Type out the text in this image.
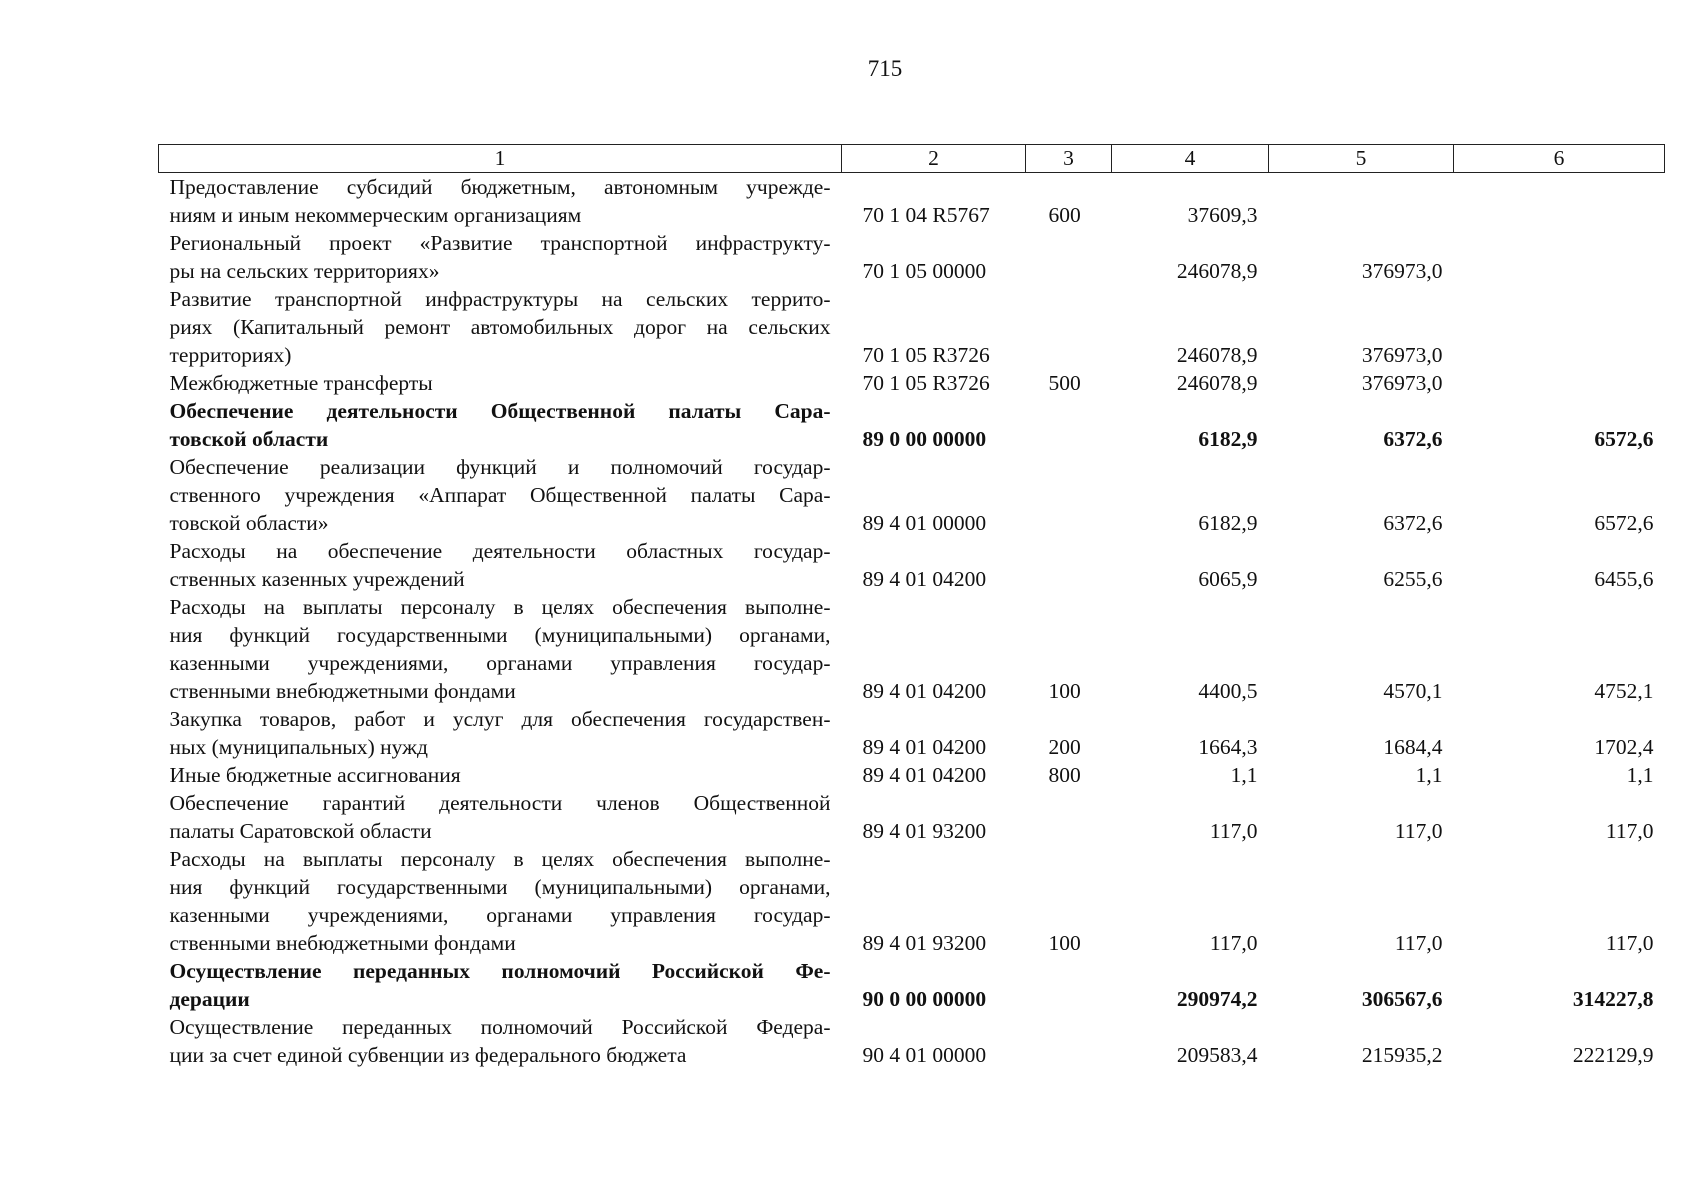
715
1	2	3	4	5	6

Предоставление субсидий бюджетным, автономным учрежде-
ниям и иным некоммерческим организациям	70 1 04 R5767	600	37609,3		

Региональный проект «Развитие транспортной инфраструкту-
ры на сельских территориях»	70 1 05 00000		246078,9	376973,0	

Развитие транспортной инфраструктуры на сельских террито-
риях (Капитальный ремонт автомобильных дорог на сельских
территориях)	70 1 05 R3726		246078,9	376973,0	

Межбюджетные трансферты	70 1 05 R3726	500	246078,9	376973,0	

Обеспечение деятельности Общественной палаты Сара-
товской области	89 0 00 00000		6182,9	6372,6	6572,6

Обеспечение реализации функций и полномочий государ-
ственного учреждения «Аппарат Общественной палаты Сара-
товской области»	89 4 01 00000		6182,9	6372,6	6572,6

Расходы на обеспечение деятельности областных государ-
ственных казенных учреждений	89 4 01 04200		6065,9	6255,6	6455,6

Расходы на выплаты персоналу в целях обеспечения выполне-
ния функций государственными (муниципальными) органами,
казенными учреждениями, органами управления государ-
ственными внебюджетными фондами	89 4 01 04200	100	4400,5	4570,1	4752,1

Закупка товаров, работ и услуг для обеспечения государствен-
ных (муниципальных) нужд	89 4 01 04200	200	1664,3	1684,4	1702,4

Иные бюджетные ассигнования	89 4 01 04200	800	1,1	1,1	1,1

Обеспечение гарантий деятельности членов Общественной
палаты Саратовской области	89 4 01 93200		117,0	117,0	117,0

Расходы на выплаты персоналу в целях обеспечения выполне-
ния функций государственными (муниципальными) органами,
казенными учреждениями, органами управления государ-
ственными внебюджетными фондами	89 4 01 93200	100	117,0	117,0	117,0

Осуществление переданных полномочий Российской Фе-
дерации	90 0 00 00000		290974,2	306567,6	314227,8

Осуществление переданных полномочий Российской Федера-
ции за счет единой субвенции из федерального бюджета	90 4 01 00000		209583,4	215935,2	222129,9
